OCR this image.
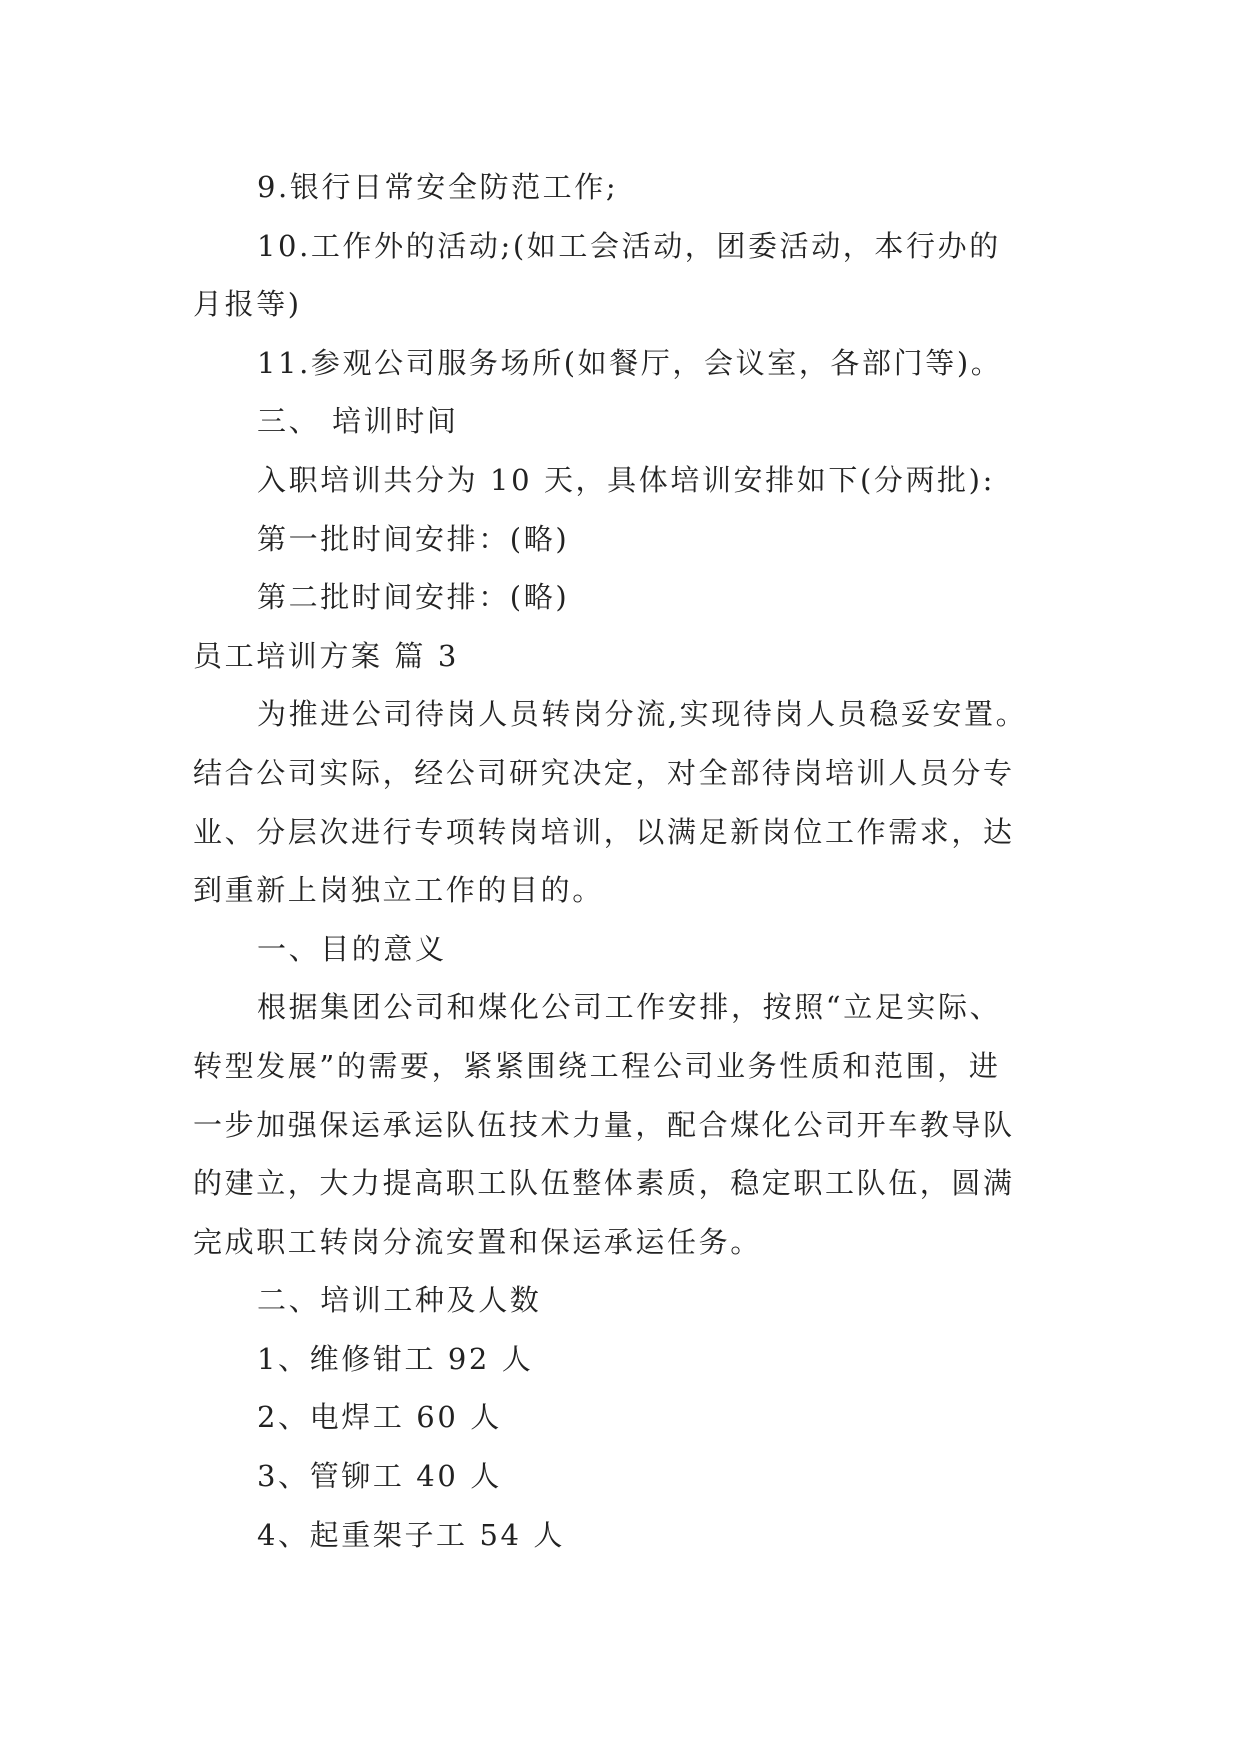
9.银行日常安全防范工作;
10.工作外的活动;(如工会活动，团委活动，本行办的
月报等)
11.参观公司服务场所(如餐厅，会议室，各部门等)。
三、 培训时间
入职培训共分为 10 天，具体培训安排如下(分两批):
第一批时间安排：(略)
第二批时间安排：(略)
员工培训方案 篇 3
为推进公司待岗人员转岗分流,实现待岗人员稳妥安置。
结合公司实际，经公司研究决定，对全部待岗培训人员分专
业、分层次进行专项转岗培训，以满足新岗位工作需求，达
到重新上岗独立工作的目的。
一、目的意义
根据集团公司和煤化公司工作安排，按照“立足实际、
转型发展”的需要，紧紧围绕工程公司业务性质和范围，进
一步加强保运承运队伍技术力量，配合煤化公司开车教导队
的建立，大力提高职工队伍整体素质，稳定职工队伍，圆满
完成职工转岗分流安置和保运承运任务。
二、培训工种及人数
1、维修钳工 92 人
2、电焊工 60 人
3、管铆工 40 人
4、起重架子工 54 人
